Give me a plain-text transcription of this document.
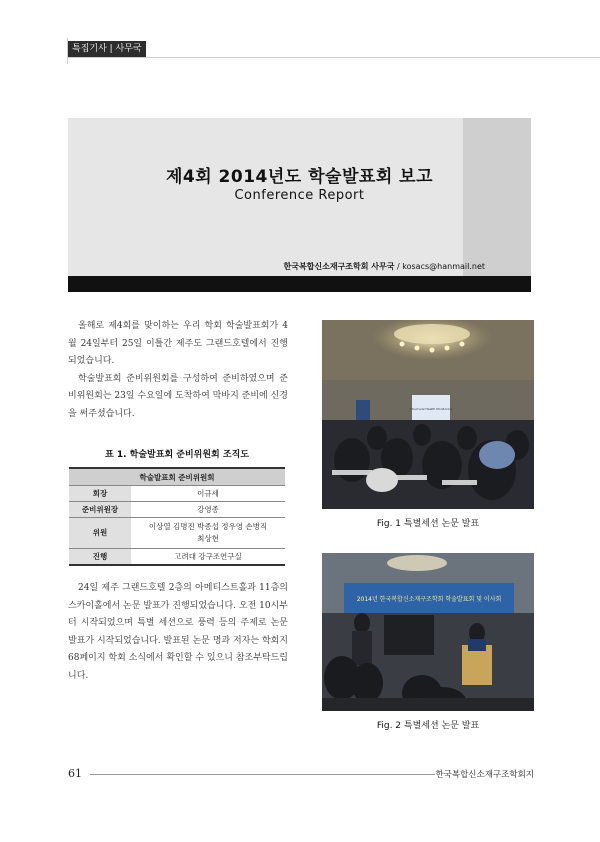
특집기사 | 사무국
제4회 2014년도 학술발표회 보고
Conference Report
한국복합신소재구조학회 사무국 / kosacs@hanmail.net

올해로 제4회를 맞이하는 우리 학회 학술발표회가 4월 24일부터 25일 이틀간 제주도 그랜드호텔에서 진행되었습니다.

학술발표회 준비위원회를 구성하여 준비하였으며 준비위원회는 23일 수요일에 도착하여 막바지 준비에 신경을 써주셨습니다.

표 1. 학술발표회 준비위원회 조직도
학술발표회 준비위원회	
회장	이규세
준비위원장	강영종
위원	이상열 김명진 박종섭 정우영 손병직 최상현
진행	고려대 강구조연구실

24일 제주 그랜드호텔 2층의 아메티스트홀과 11층의 스카이홀에서 논문 발표가 진행되었습니다. 오전 10시부터 시작되었으며 특별 세션으로 풍력 등의 주제로 논문 발표가 시작되었습니다. 발표된 논문 명과 저자는 학회지 68페이지 학회 소식에서 확인할 수 있으니 참조부탁드립니다.

Structural Health Monitoring
Fig. 1 특별세션 논문 발표
2014년 한국복합신소재구조학회 학술발표회 및 이사회
Fig. 2 특별세션 논문 발표
61	한국복합신소재구조학회지
